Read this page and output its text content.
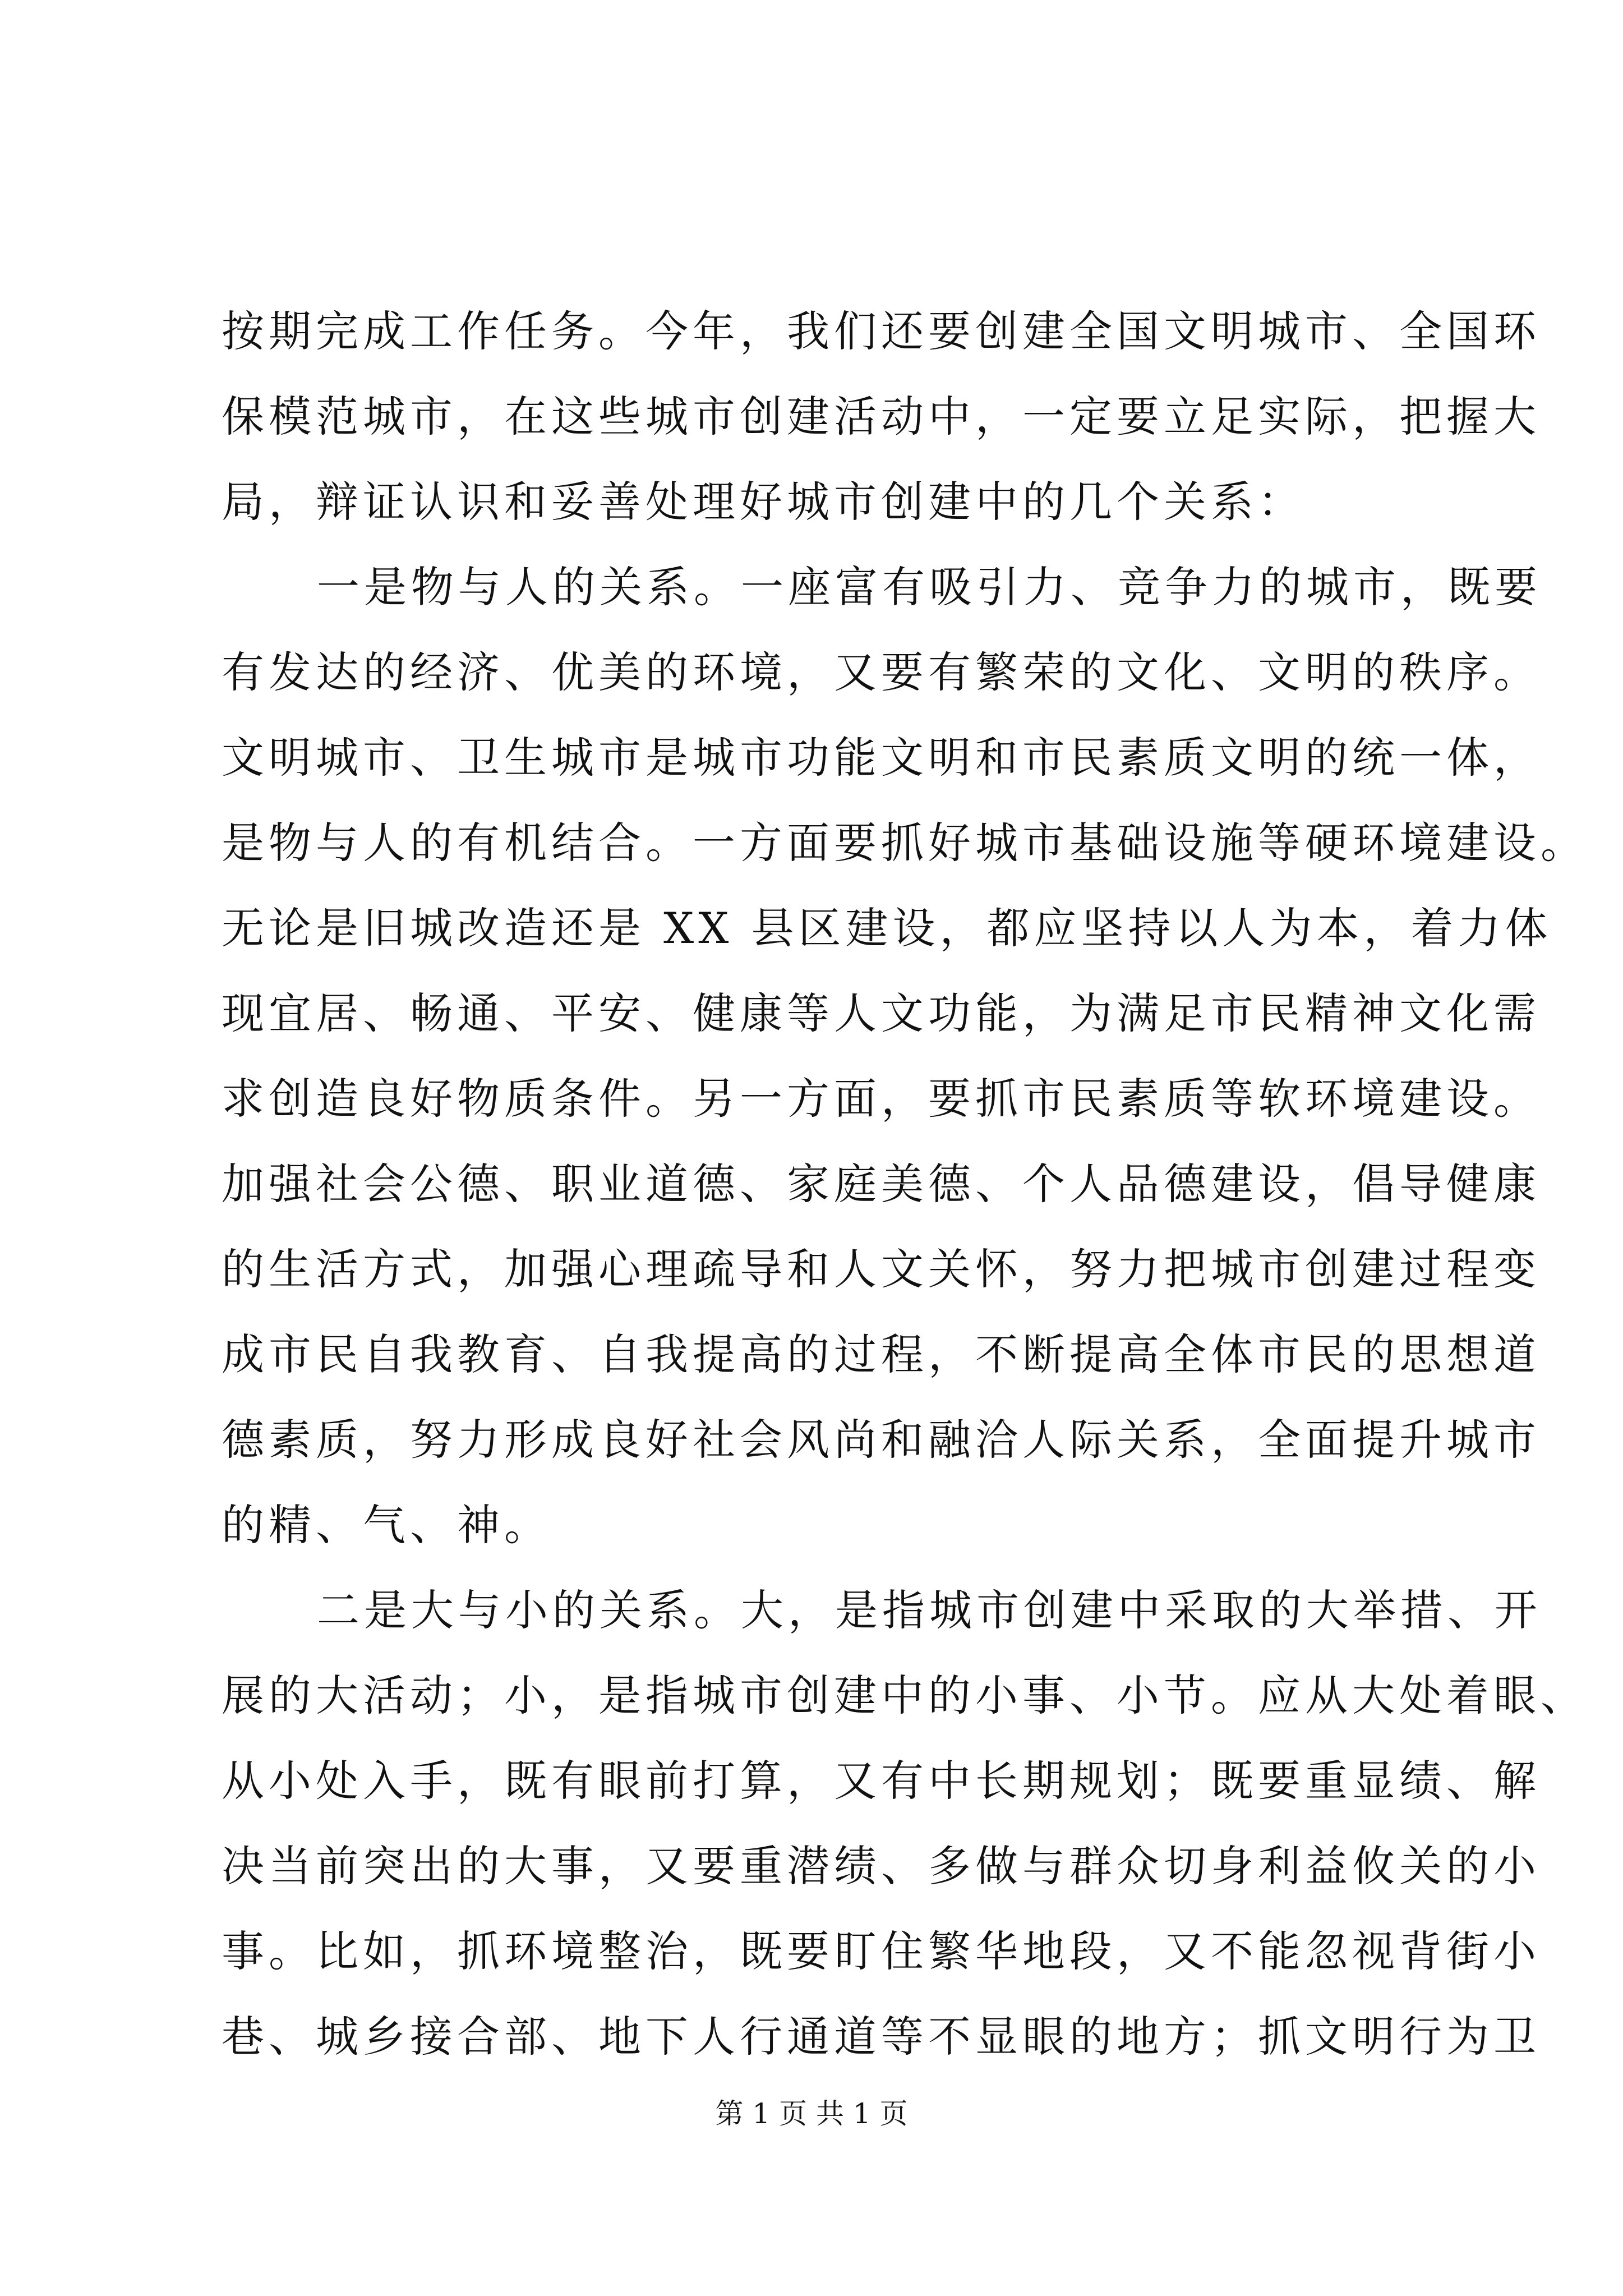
按期完成工作任务。今年，我们还要创建全国文明城市、全国环
保模范城市，在这些城市创建活动中，一定要立足实际，把握大
局，辩证认识和妥善处理好城市创建中的几个关系：
一是物与人的关系。一座富有吸引力、竞争力的城市，既要
有发达的经济、优美的环境，又要有繁荣的文化、文明的秩序。
文明城市、卫生城市是城市功能文明和市民素质文明的统一体，
是物与人的有机结合。一方面要抓好城市基础设施等硬环境建设。
无论是旧城改造还是 XX 县区建设，都应坚持以人为本，着力体
现宜居、畅通、平安、健康等人文功能，为满足市民精神文化需
求创造良好物质条件。另一方面，要抓市民素质等软环境建设。
加强社会公德、职业道德、家庭美德、个人品德建设，倡导健康
的生活方式，加强心理疏导和人文关怀，努力把城市创建过程变
成市民自我教育、自我提高的过程，不断提高全体市民的思想道
德素质，努力形成良好社会风尚和融洽人际关系，全面提升城市
的精、气、神。
二是大与小的关系。大，是指城市创建中采取的大举措、开
展的大活动；小，是指城市创建中的小事、小节。应从大处着眼、
从小处入手，既有眼前打算，又有中长期规划；既要重显绩、解
决当前突出的大事，又要重潜绩、多做与群众切身利益攸关的小
事。比如，抓环境整治，既要盯住繁华地段，又不能忽视背街小
巷、城乡接合部、地下人行通道等不显眼的地方；抓文明行为卫
第 1 页 共 1 页
